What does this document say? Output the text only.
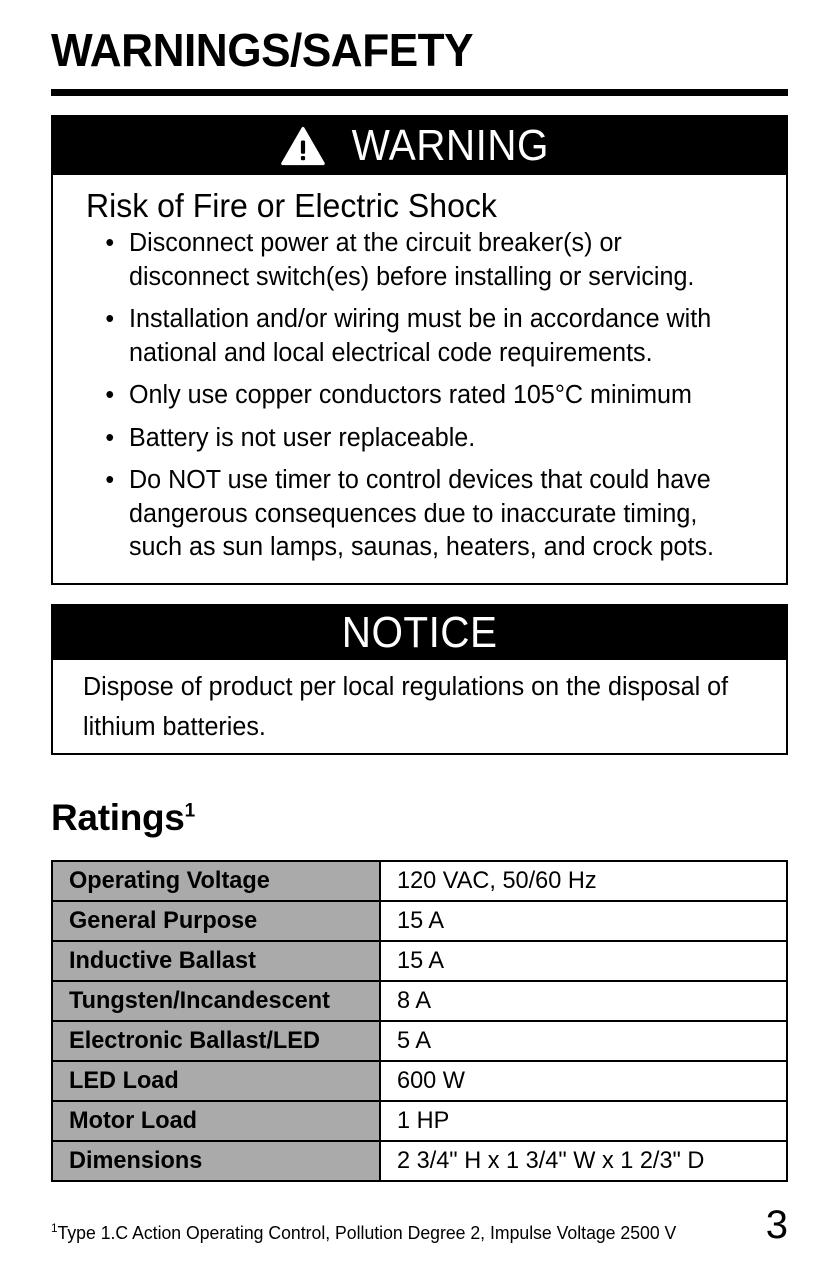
WARNINGS/SAFETY
WARNING
Risk of Fire or Electric Shock
• Disconnect power at the circuit breaker(s) or disconnect switch(es) before installing or servicing.
• Installation and/or wiring must be in accordance with national and local electrical code requirements.
• Only use copper conductors rated 105°C minimum
• Battery is not user replaceable.
• Do NOT use timer to control devices that could have dangerous consequences due to inaccurate timing, such as sun lamps, saunas, heaters, and crock pots.
NOTICE
Dispose of product per local regulations on the disposal of lithium batteries.
Ratings$^1$
Operating Voltage	120 VAC, 50/60 Hz
General Purpose	15 A
Inductive Ballast	15 A
Tungsten/Incandescent	8 A
Electronic Ballast/LED	5 A
LED Load	600 W
Motor Load	1 HP
Dimensions	2 3/4" H x 1 3/4" W x 1 2/3" D
$^1$Type 1.C Action Operating Control, Pollution Degree 2, Impulse Voltage 2500 V 3
